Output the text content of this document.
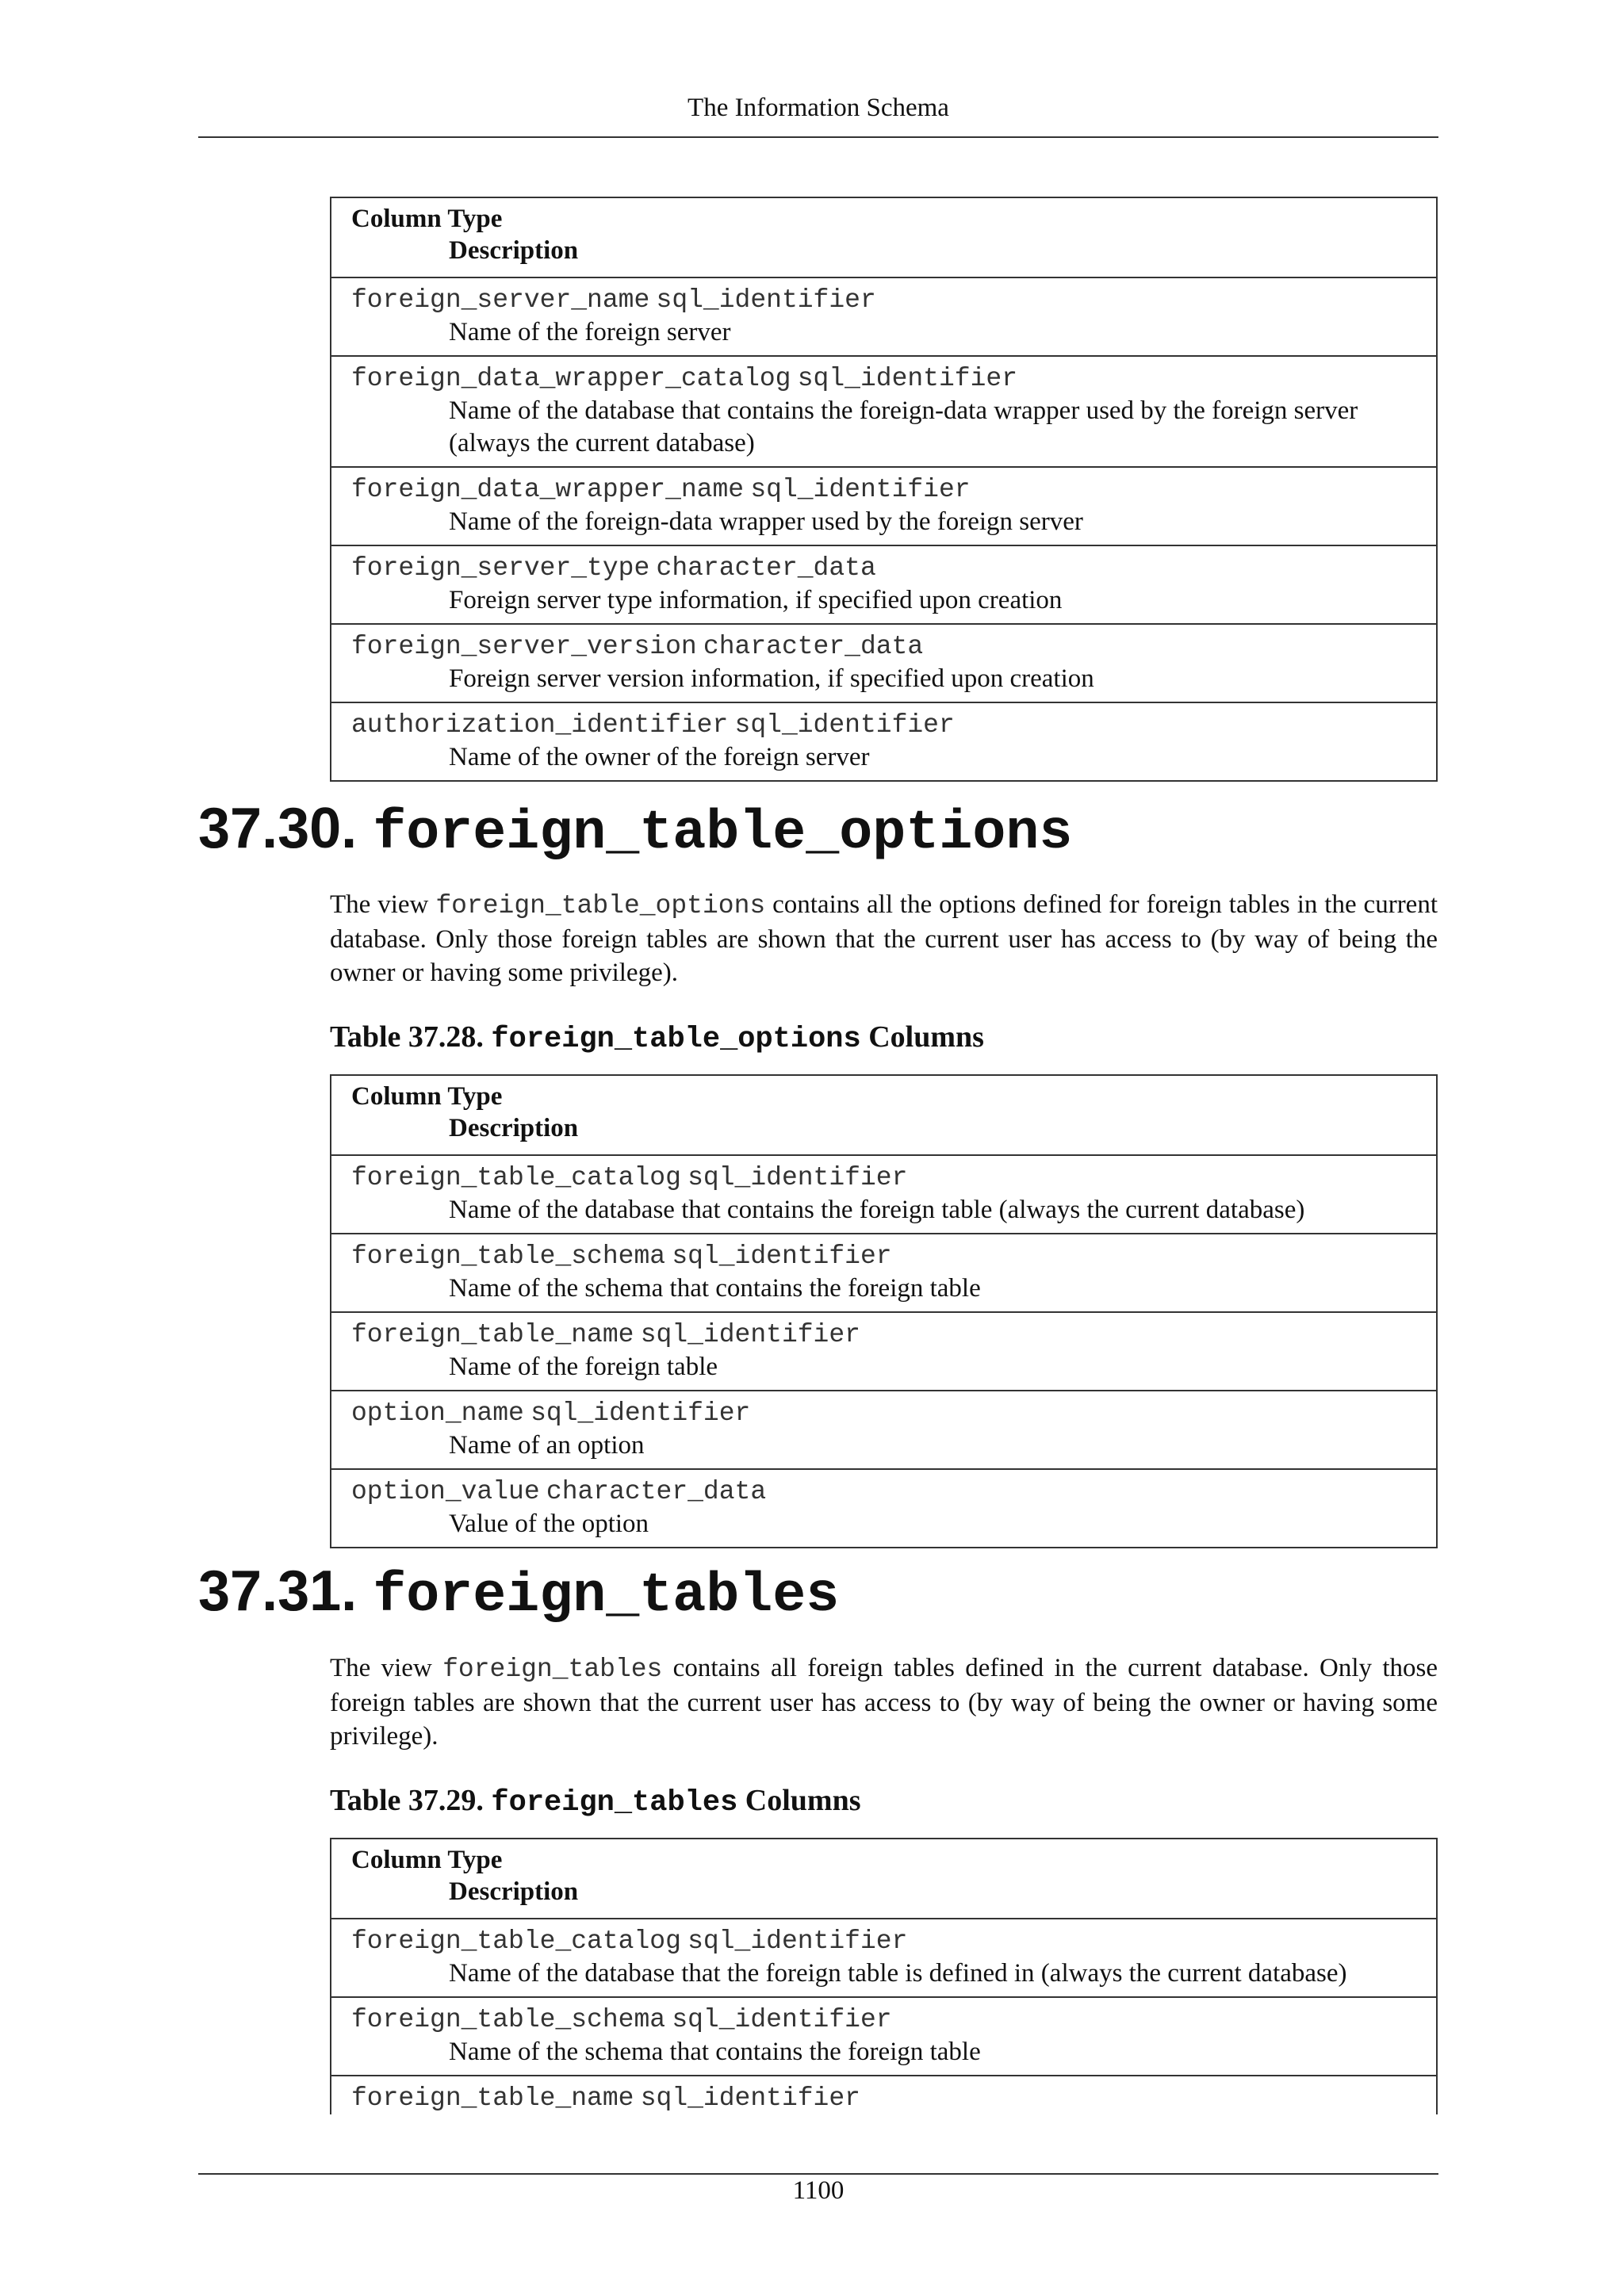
The Information Schema
Column Type
Description
foreign_server_name sql_identifier
Name of the foreign server
foreign_data_wrapper_catalog sql_identifier
Name of the database that contains the foreign-data wrapper used by the foreign server (always the current database)
foreign_data_wrapper_name sql_identifier
Name of the foreign-data wrapper used by the foreign server
foreign_server_type character_data
Foreign server type information, if specified upon creation
foreign_server_version character_data
Foreign server version information, if specified upon creation
authorization_identifier sql_identifier
Name of the owner of the foreign server
37.30. foreign_table_options
The view foreign_table_options contains all the options defined for foreign tables in the current database. Only those foreign tables are shown that the current user has access to (by way of being the owner or having some privilege).
Table 37.28. foreign_table_options Columns
Column Type
Description
foreign_table_catalog sql_identifier
Name of the database that contains the foreign table (always the current database)
foreign_table_schema sql_identifier
Name of the schema that contains the foreign table
foreign_table_name sql_identifier
Name of the foreign table
option_name sql_identifier
Name of an option
option_value character_data
Value of the option
37.31. foreign_tables
The view foreign_tables contains all foreign tables defined in the current database. Only those foreign tables are shown that the current user has access to (by way of being the owner or having some privilege).
Table 37.29. foreign_tables Columns
Column Type
Description
foreign_table_catalog sql_identifier
Name of the database that the foreign table is defined in (always the current database)
foreign_table_schema sql_identifier
Name of the schema that contains the foreign table
foreign_table_name sql_identifier
1100
